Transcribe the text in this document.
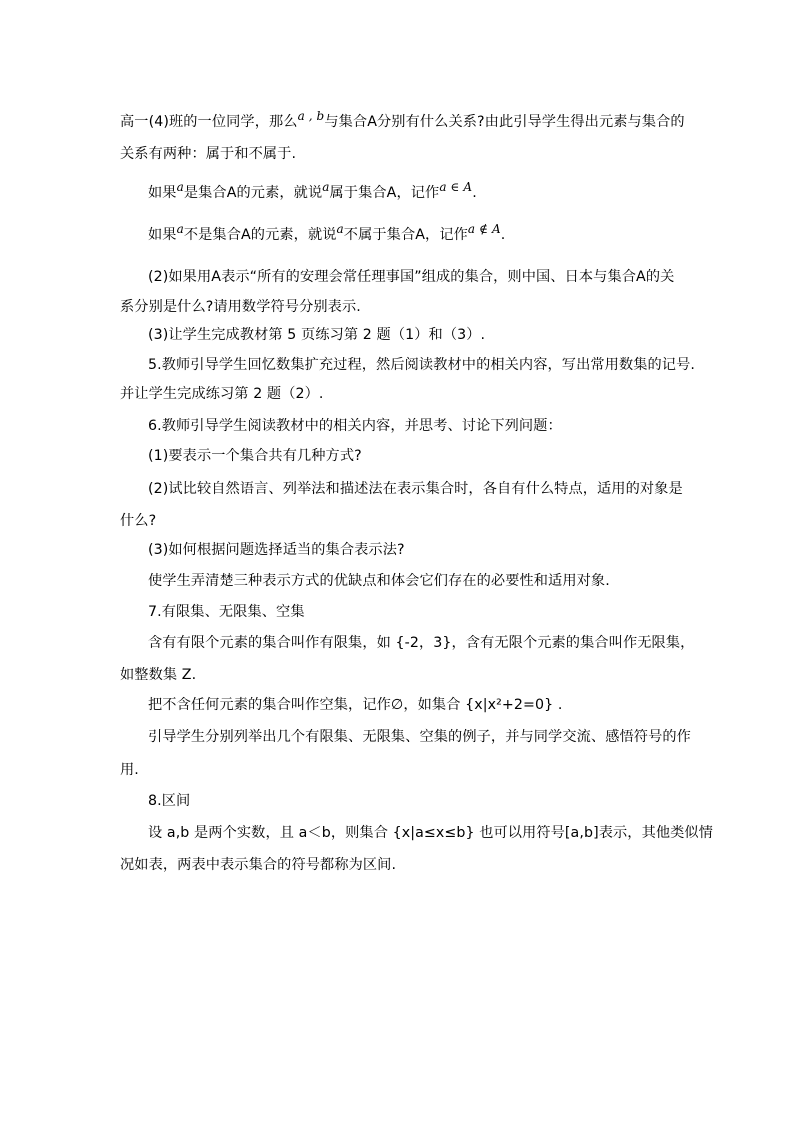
高一(4)班的一位同学，那么$^{a , b}$与集合A分别有什么关系?由此引导学生得出元素与集合的
关系有两种：属于和不属于.
如果$^a$是集合A的元素，就说$^a$属于集合A，记作$^{a \in A}$.
如果$^a$不是集合A的元素，就说$^a$不属于集合A，记作$^{a \notin A}$.
(2)如果用A表示“所有的安理会常任理事国”组成的集合，则中国、日本与集合A的关
系分别是什么?请用数学符号分别表示.
(3)让学生完成教材第 5 页练习第 2 题（1）和（3）.
5.教师引导学生回忆数集扩充过程，然后阅读教材中的相关内容，写出常用数集的记号.
并让学生完成练习第 2 题（2）.
6.教师引导学生阅读教材中的相关内容，并思考、讨论下列问题：
(1)要表示一个集合共有几种方式?
(2)试比较自然语言、列举法和描述法在表示集合时，各自有什么特点，适用的对象是
什么?
(3)如何根据问题选择适当的集合表示法?
使学生弄清楚三种表示方式的优缺点和体会它们存在的必要性和适用对象.
7.有限集、无限集、空集
含有有限个元素的集合叫作有限集，如 {-2，3}，含有无限个元素的集合叫作无限集，
如整数集 Z.
把不含任何元素的集合叫作空集，记作∅，如集合 {x|x²+2=0} .
引导学生分别列举出几个有限集、无限集、空集的例子，并与同学交流、感悟符号的作
用.
8.区间
设 a,b 是两个实数，且 a＜b，则集合 {x|a≤x≤b} 也可以用符号[a,b]表示，其他类似情
况如表，两表中表示集合的符号都称为区间.
